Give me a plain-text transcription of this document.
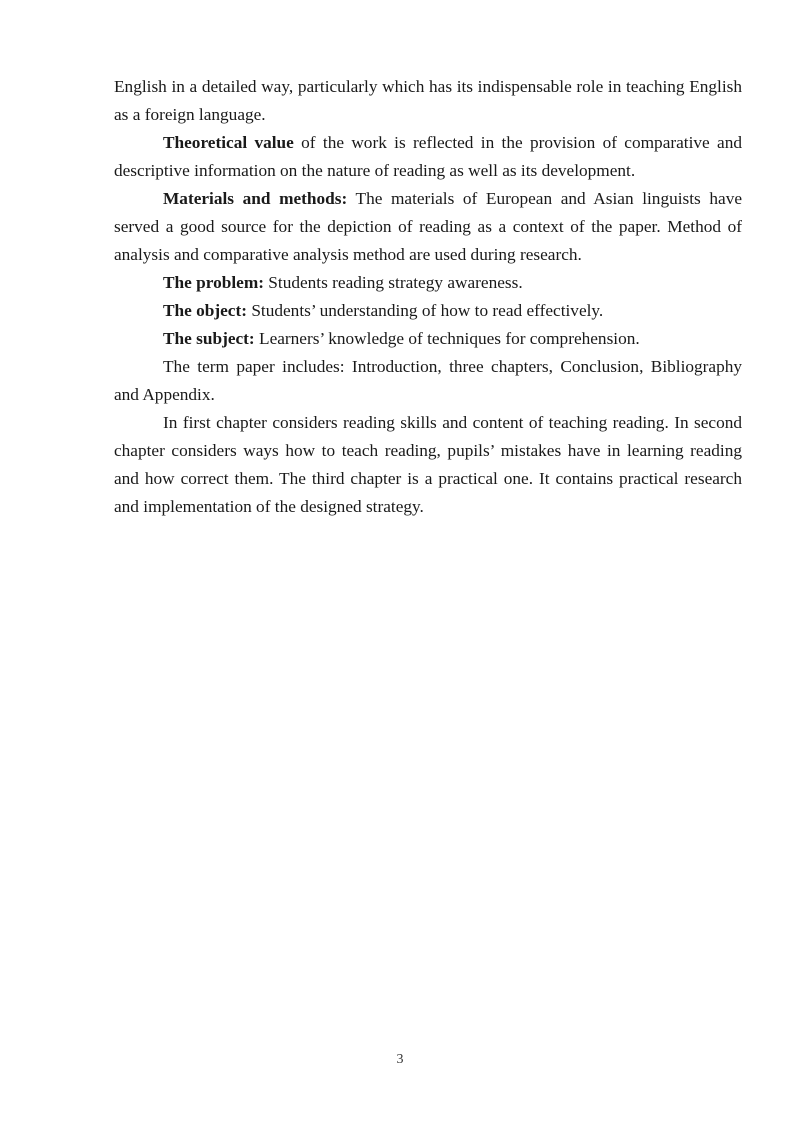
English in a detailed way, particularly which has its indispensable role in teaching English as a foreign language.

Theoretical value of the work is reflected in the provision of comparative and descriptive information on the nature of reading as well as its development.

Materials and methods: The materials of European and Asian linguists have served a good source for the depiction of reading as a context of the paper. Method of analysis and comparative analysis method are used during research.

The problem: Students reading strategy awareness.

The object: Students’ understanding of how to read effectively.

The subject: Learners’ knowledge of techniques for comprehension.

The term paper includes: Introduction, three chapters, Conclusion, Bibliography and Appendix.

In first chapter considers reading skills and content of teaching reading. In second chapter considers ways how to teach reading, pupils’ mistakes have in learning reading and how correct them. The third chapter is a practical one. It contains practical research and implementation of the designed strategy.

3
